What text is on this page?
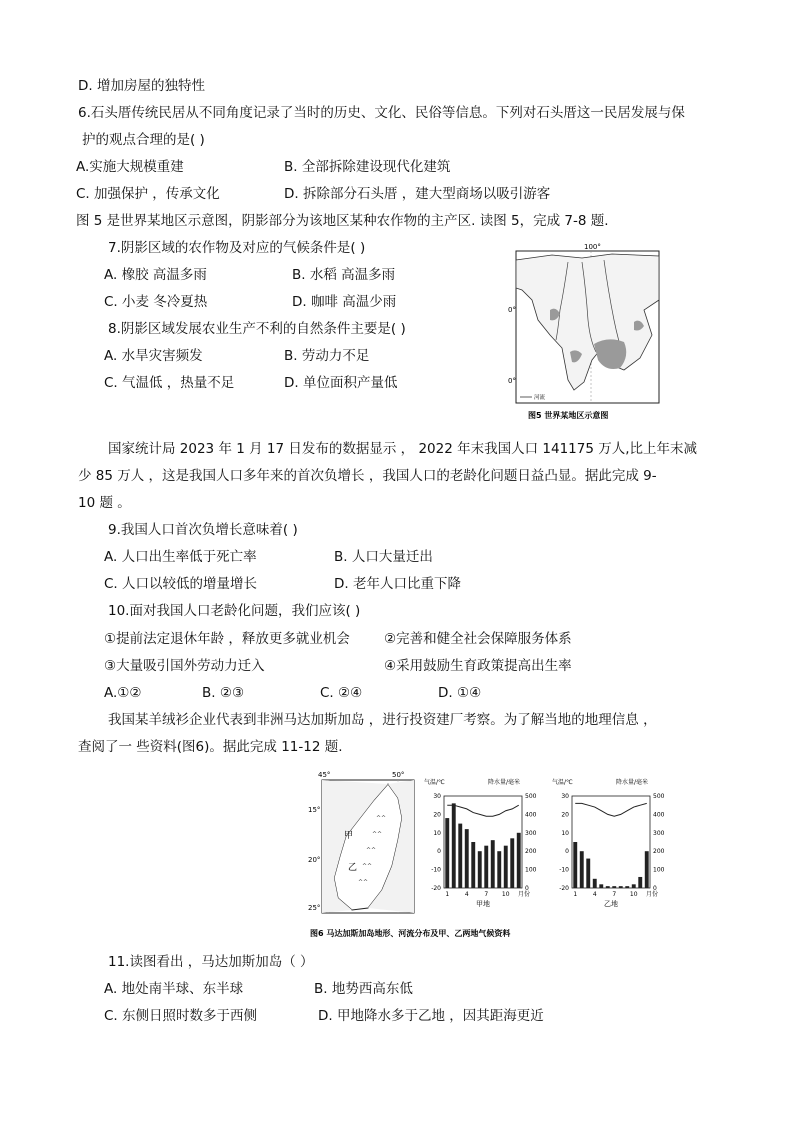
D. 增加房屋的独特性
6.石头厝传统民居从不同角度记录了当时的历史、文化、民俗等信息。下列对石头厝这一民居发展与保
护的观点合理的是( )
A.实施大规模重建	B. 全部拆除建设现代化建筑
C. 加强保护 ，传承文化	D. 拆除部分石头厝 ，建大型商场以吸引游客
图 5 是世界某地区示意图，阴影部分为该地区某种农作物的主产区. 读图 5，完成 7-8 题.
7.阴影区域的农作物及对应的气候条件是( )
A. 橡胶 高温多雨	B. 水稻 高温多雨
C. 小麦 冬冷夏热	D. 咖啡 高温少雨
8.阴影区域发展农业生产不利的自然条件主要是( )
A. 水旱灾害频发	B. 劳动力不足
C. 气温低 ，热量不足	D. 单位面积产量低
100°
0°
0°
河流
图5 世界某地区示意图
国家统计局 2023 年 1 月 17 日发布的数据显示 ， 2022 年末我国人口 141175 万人,比上年末减
少 85 万人 ，这是我国人口多年来的首次负增长 ，我国人口的老龄化问题日益凸显。据此完成 9-
10 题 。
9.我国人口首次负增长意味着( )
A. 人口出生率低于死亡率	B. 人口大量迁出
C. 人口以较低的增量增长	D. 老年人口比重下降
10.面对我国人口老龄化问题，我们应该( )
①提前法定退休年龄 ，释放更多就业机会	②完善和健全社会保障服务体系
③大量吸引国外劳动力迁入	④采用鼓励生育政策提高出生率
A.①②	B. ②③	C. ②④	D. ①④
我国某羊绒衫企业代表到非洲马达加斯加岛 ，进行投资建厂考察。为了解当地的地理信息 ，
查阅了一 些资料(图6)。据此完成 11-12 题.
45°	50°
15°
20°
25°
^^
^^
^^
^^
^^
甲
乙
气温/℃	降水量/毫米
30
20
10
0
-10
-20
500
400
300
200
100
0
1	4	7 10 月份
甲地
气温/℃	降水量/毫米
30
20
10
0
-10
-20
500
400
300
200
100
0
1	4	7 10 月份
乙地
图6 马达加斯加岛地形、河流分布及甲、乙两地气候资料
11.读图看出 ，马达加斯加岛（ ）
A. 地处南半球、东半球	B. 地势西高东低
C. 东侧日照时数多于西侧	D. 甲地降水多于乙地 ，因其距海更近
